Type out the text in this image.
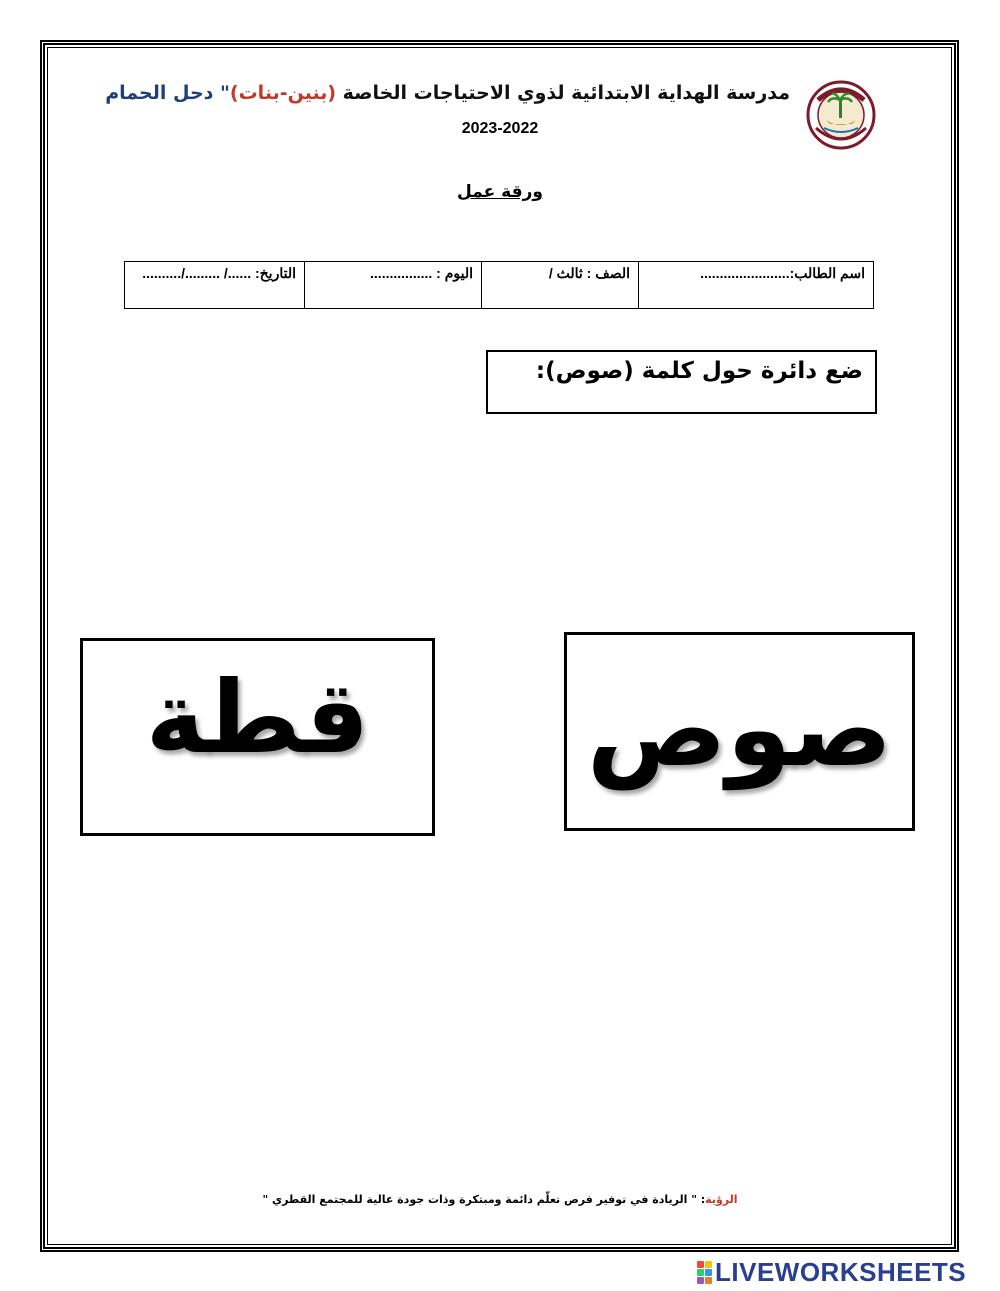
مدرسة الهداية الابتدائية لذوي الاحتياجات الخاصة (بنين-بنات)" دحل الحمام
2023-2022
ورقة عمل
اسم الطالب:.......................	الصف : ثالث /	اليوم : ................	التاريخ: ....../ ........./..........
ضع دائرة حول كلمة (صوص):
قطة	صوص
الرؤية: " الريادة في توفير فرص تعلّم دائمة ومبتكرة وذات جودة عالية للمجتمع القطري "
LIVEWORKSHEETS
